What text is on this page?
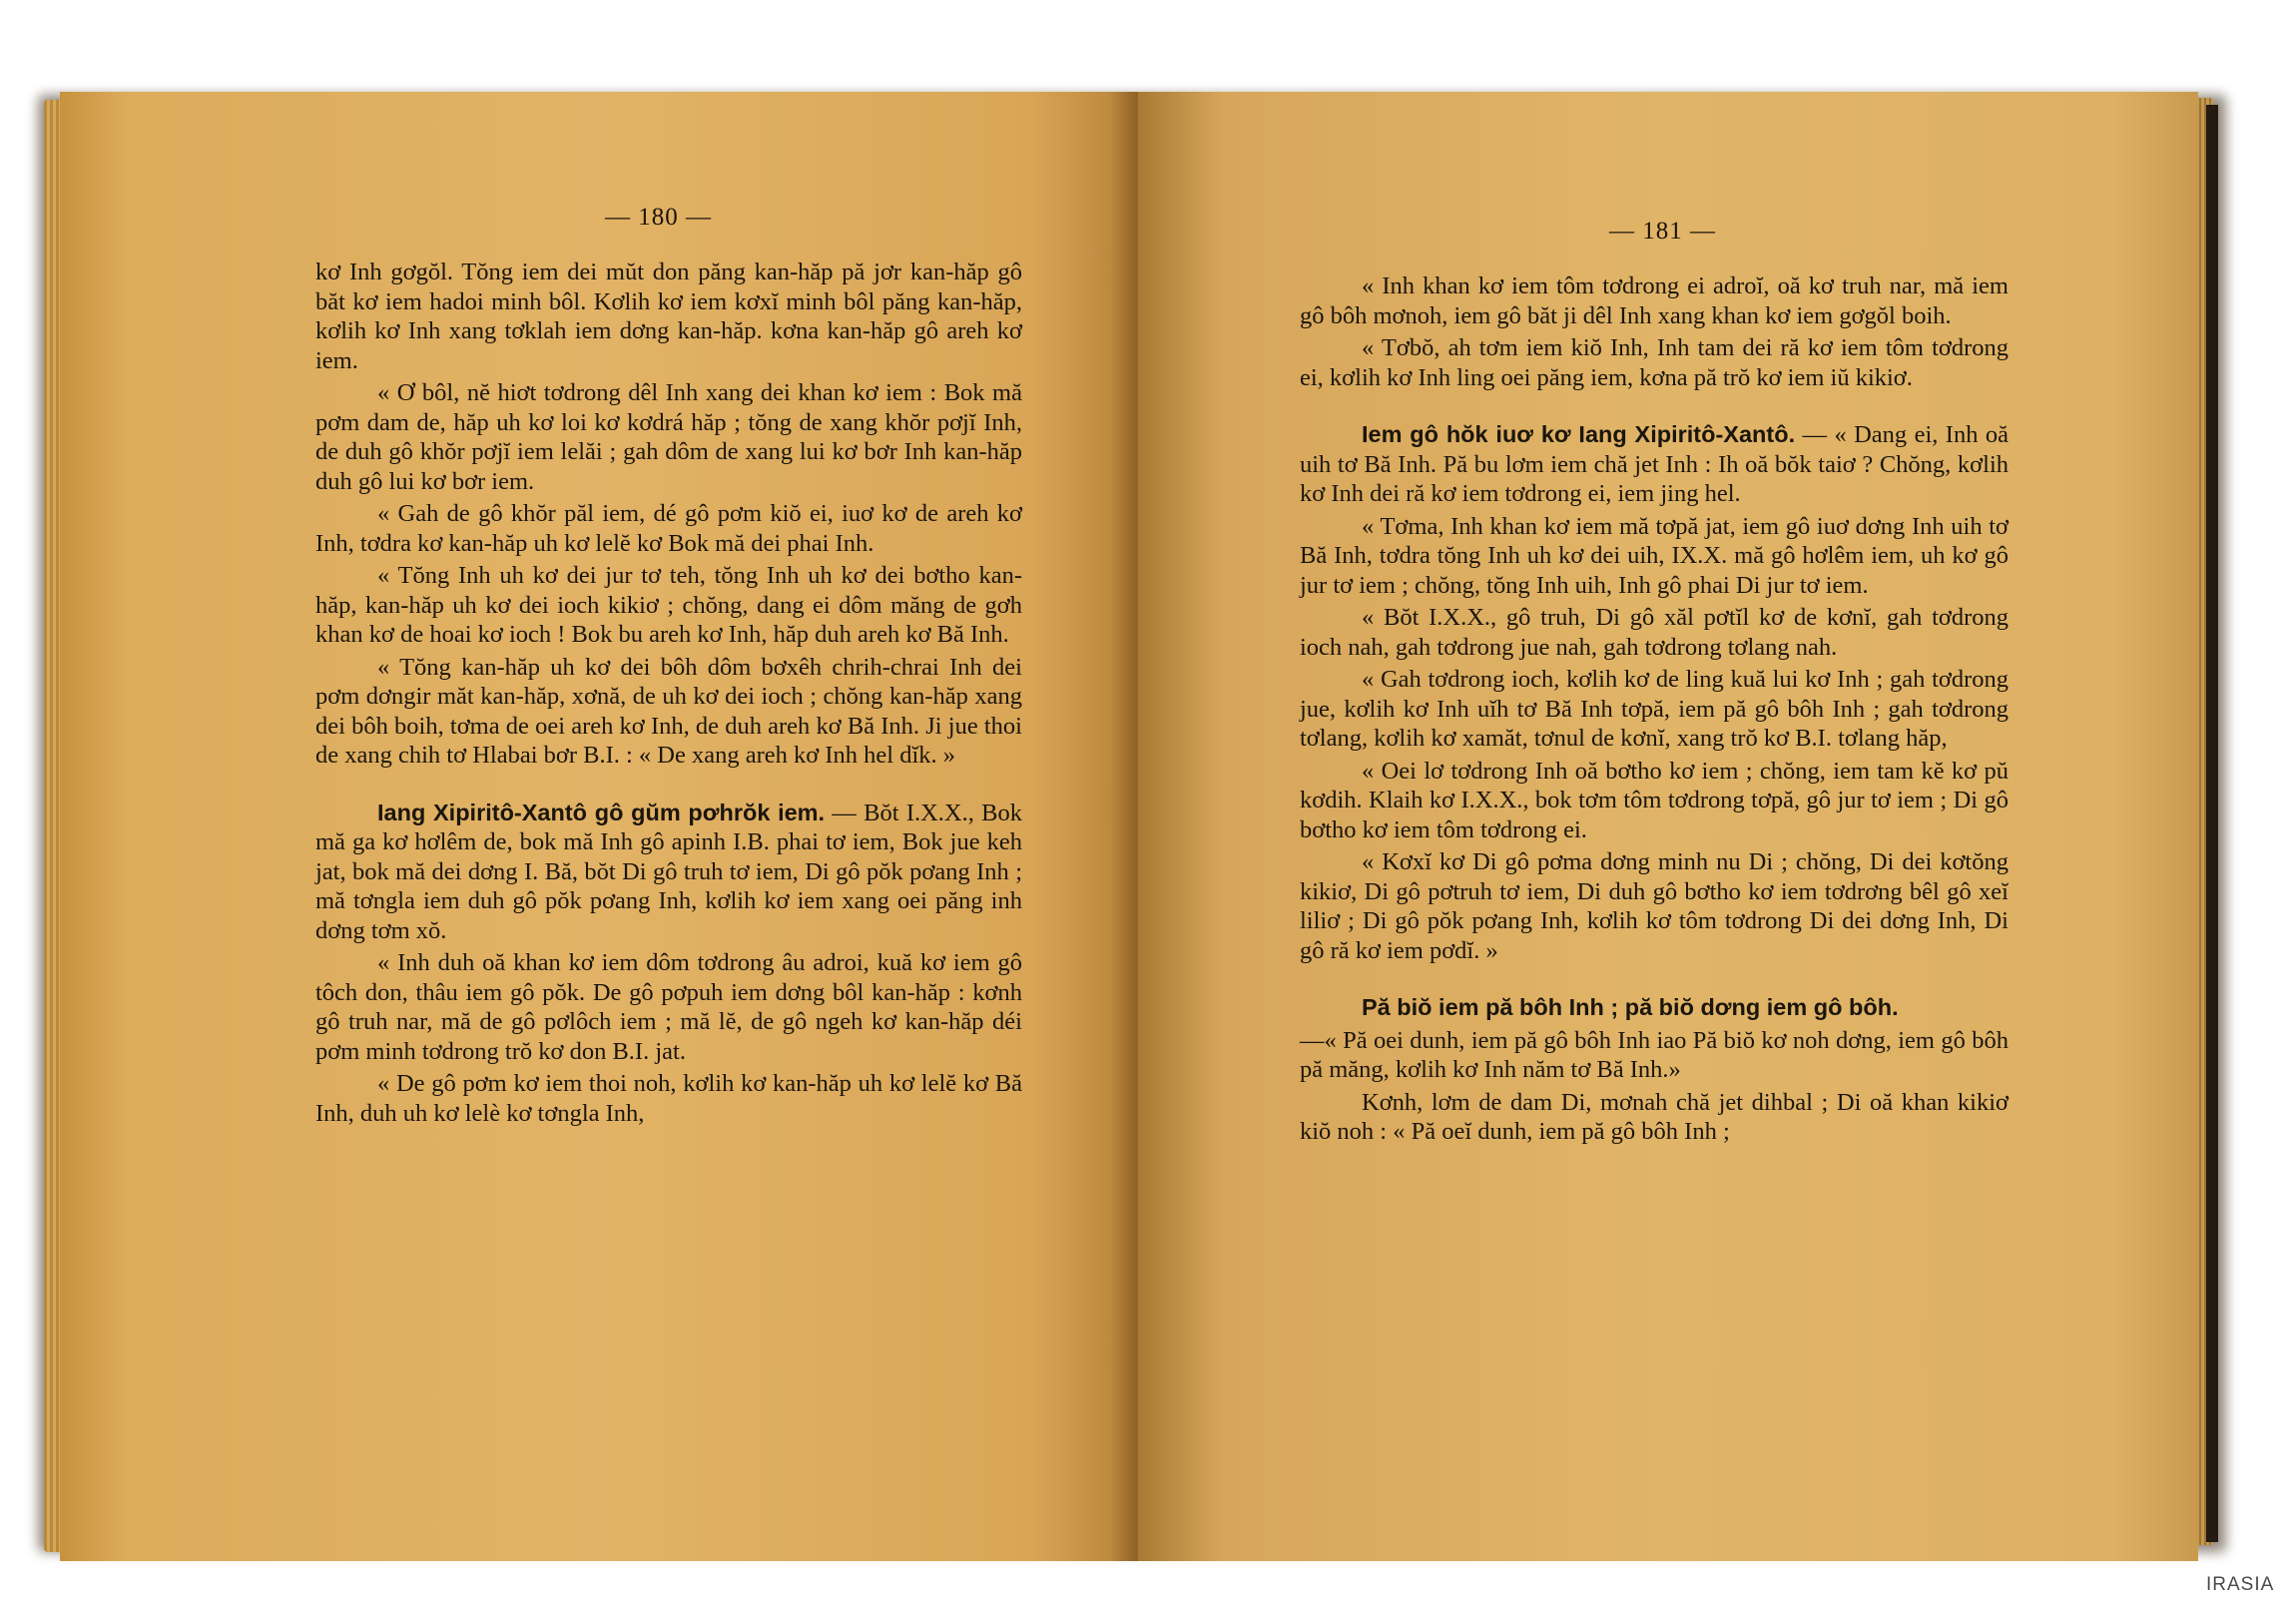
— 180 —

kơ Inh gơgŏl. Tŏng iem dei mŭt don păng kan-hăp pă jơr kan-hăp gô băt kơ iem hadoi minh bôl. Kơlih kơ iem kơxĭ minh bôl păng kan-hăp, kơlih kơ Inh xang tơklah iem dơng kan-hăp. kơna kan-hăp gô areh kơ iem.

« Ơ bôl, nĕ hiơt tơdrong dêl Inh xang dei khan kơ iem : Bok mă pơm dam de, hăp uh kơ loi kơ kơdrá hăp ; tŏng de xang khŏr pơjĭ Inh, de duh gô khŏr pơjĭ iem lelăi ; gah dôm de xang lui kơ bơr Inh kan-hăp duh gô lui kơ bơr iem.

« Gah de gô khŏr păl iem, dé gô pơm kiŏ ei, iuơ kơ de areh kơ Inh, tơdra kơ kan-hăp uh kơ lelĕ kơ Bok mă dei phai Inh.

« Tŏng Inh uh kơ dei jur tơ teh, tŏng Inh uh kơ dei bơtho kan-hăp, kan-hăp uh kơ dei ioch kikiơ ; chŏng, dang ei dôm măng de gơh khan kơ de hoai kơ ioch ! Bok bu areh kơ Inh, hăp duh areh kơ Bă Inh.

« Tŏng kan-hăp uh kơ dei bôh dôm bơxêh chrih-chrai Inh dei pơm dơngir măt kan-hăp, xơnă, de uh kơ dei ioch ; chŏng kan-hăp xang dei bôh boih, tơma de oei areh kơ Inh, de duh areh kơ Bă Inh. Ji jue thoi de xang chih tơ Hlabai bơr B.I. : « De xang areh kơ Inh hel dĭk. »

Iang Xipiritô-Xantô gô gŭm pơhrŏk iem. — Bŏt I.X.X., Bok mă ga kơ hơlêm de, bok mă Inh gô apinh I.B. phai tơ iem, Bok jue keh jat, bok mă dei dơng I. Bă, bŏt Di gô truh tơ iem, Di gô pŏk pơang Inh ; mă tơngla iem duh gô pŏk pơang Inh, kơlih kơ iem xang oei păng inh dơng tơm xŏ.

« Inh duh oă khan kơ iem dôm tơdrong âu adroi, kuă kơ iem gô tôch don, thâu iem gô pŏk. De gô pơpuh iem dơng bôl kan-hăp : kơnh gô truh nar, mă de gô pơlôch iem ; mă lĕ, de gô ngeh kơ kan-hăp déi pơm minh tơdrong trŏ kơ don B.I. jat.

« De gô pơm kơ iem thoi noh, kơlih kơ kan-hăp uh kơ lelĕ kơ Bă Inh, duh uh kơ lelè kơ tơngla Inh,

— 181 —

« Inh khan kơ iem tôm tơdrong ei adroĭ, oă kơ truh nar, mă iem gô bôh mơnoh, iem gô băt ji dêl Inh xang khan kơ iem gơgŏl boih.

« Tơbŏ, ah tơm iem kiŏ Inh, Inh tam dei ră kơ iem tôm tơdrong ei, kơlih kơ Inh ling oei păng iem, kơna pă trŏ kơ iem iŭ kikiơ.

Iem gô hŏk iuơ kơ Iang Xipiritô-Xantô. — « Dang ei, Inh oă uih tơ Bă Inh. Pă bu lơm iem chă jet Inh : Ih oă bŏk taiơ ? Chŏng, kơlih kơ Inh dei ră kơ iem tơdrong ei, iem jing hel.

« Tơma, Inh khan kơ iem mă tơpă jat, iem gô iuơ dơng Inh uih tơ Bă Inh, tơdra tŏng Inh uh kơ dei uih, IX.X. mă gô hơlêm iem, uh kơ gô jur tơ iem ; chŏng, tŏng Inh uih, Inh gô phai Di jur tơ iem.

« Bŏt I.X.X., gô truh, Di gô xăl pơtĭl kơ de kơnĭ, gah tơdrong ioch nah, gah tơdrong jue nah, gah tơdrong tơlang nah.

« Gah tơdrong ioch, kơlih kơ de ling kuă lui kơ Inh ; gah tơdrong jue, kơlih kơ Inh uĭh tơ Bă Inh tơpă, iem pă gô bôh Inh ; gah tơdrong tơlang, kơlih kơ xamăt, tơnul de kơnĭ, xang trŏ kơ B.I. tơlang hăp,

« Oei lơ tơdrong Inh oă bơtho kơ iem ; chŏng, iem tam kĕ kơ pŭ kơdih. Klaih kơ I.X.X., bok tơm tôm tơdrong tơpă, gô jur tơ iem ; Di gô bơtho kơ iem tôm tơdrong ei.

« Kơxĭ kơ Di gô pơma dơng minh nu Di ; chŏng, Di dei kơtŏng kikiơ, Di gô pơtruh tơ iem, Di duh gô bơtho kơ iem tơdrơng bêl gô xeĭ liliơ ; Di gô pŏk pơang Inh, kơlih kơ tôm tơdrong Di dei dơng Inh, Di gô ră kơ iem pơdĭ. »

Pă biŏ iem pă bôh Inh ; pă biŏ dơng iem gô bôh.

—« Pă oei dunh, iem pă gô bôh Inh iao Pă biŏ kơ noh dơng, iem gô bôh pă măng, kơlih kơ Inh năm tơ Bă Inh.»

Kơnh, lơm de dam Di, mơnah chă jet dihbal ; Di oă khan kikiơ kiŏ noh : « Pă oeĭ dunh, iem pă gô bôh Inh ;

IRASIA
